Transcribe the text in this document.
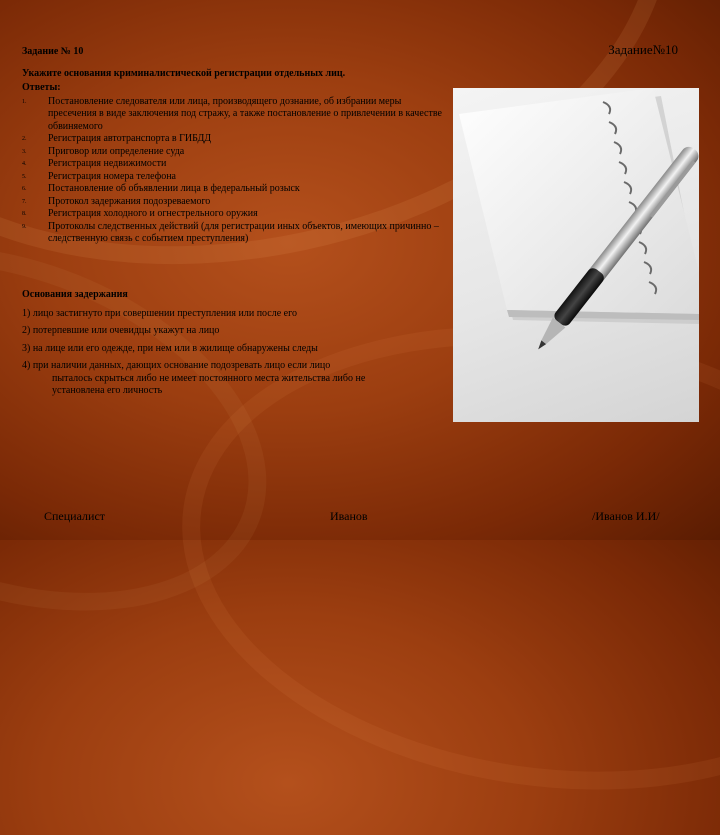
Задание№10
Задание № 10
Укажите основания криминалистической регистрации отдельных лиц.
Ответы:
1. Постановление следователя или лица, производящего дознание, об избрании меры пресечения в виде заключения под стражу, а также постановление о привлечении в качестве обвиняемого
2. Регистрация автотранспорта в ГИБДД
3. Приговор или определение суда
4. Регистрация недвижимости
5. Регистрация номера телефона
6. Постановление об объявлении лица в федеральный розыск
7. Протокол задержания подозреваемого
8. Регистрация холодного и огнестрельного оружия
9. Протоколы следственных действий (для регистрации иных объектов, имеющих причинно – следственную связь с событием преступления)
Основания задержания
1) лицо застигнуто при совершении преступления или после его
2) потерпевшие или очевидцы укажут на лицо
3) на лице или его одежде, при нем или в жилище обнаружены следы
4) при наличии данных, дающих основание подозревать лицо если лицо
пыталось скрыться либо не имеет постоянного места жительства либо не
установлена его личность
Специалист	Иванов	/Иванов И.И/
